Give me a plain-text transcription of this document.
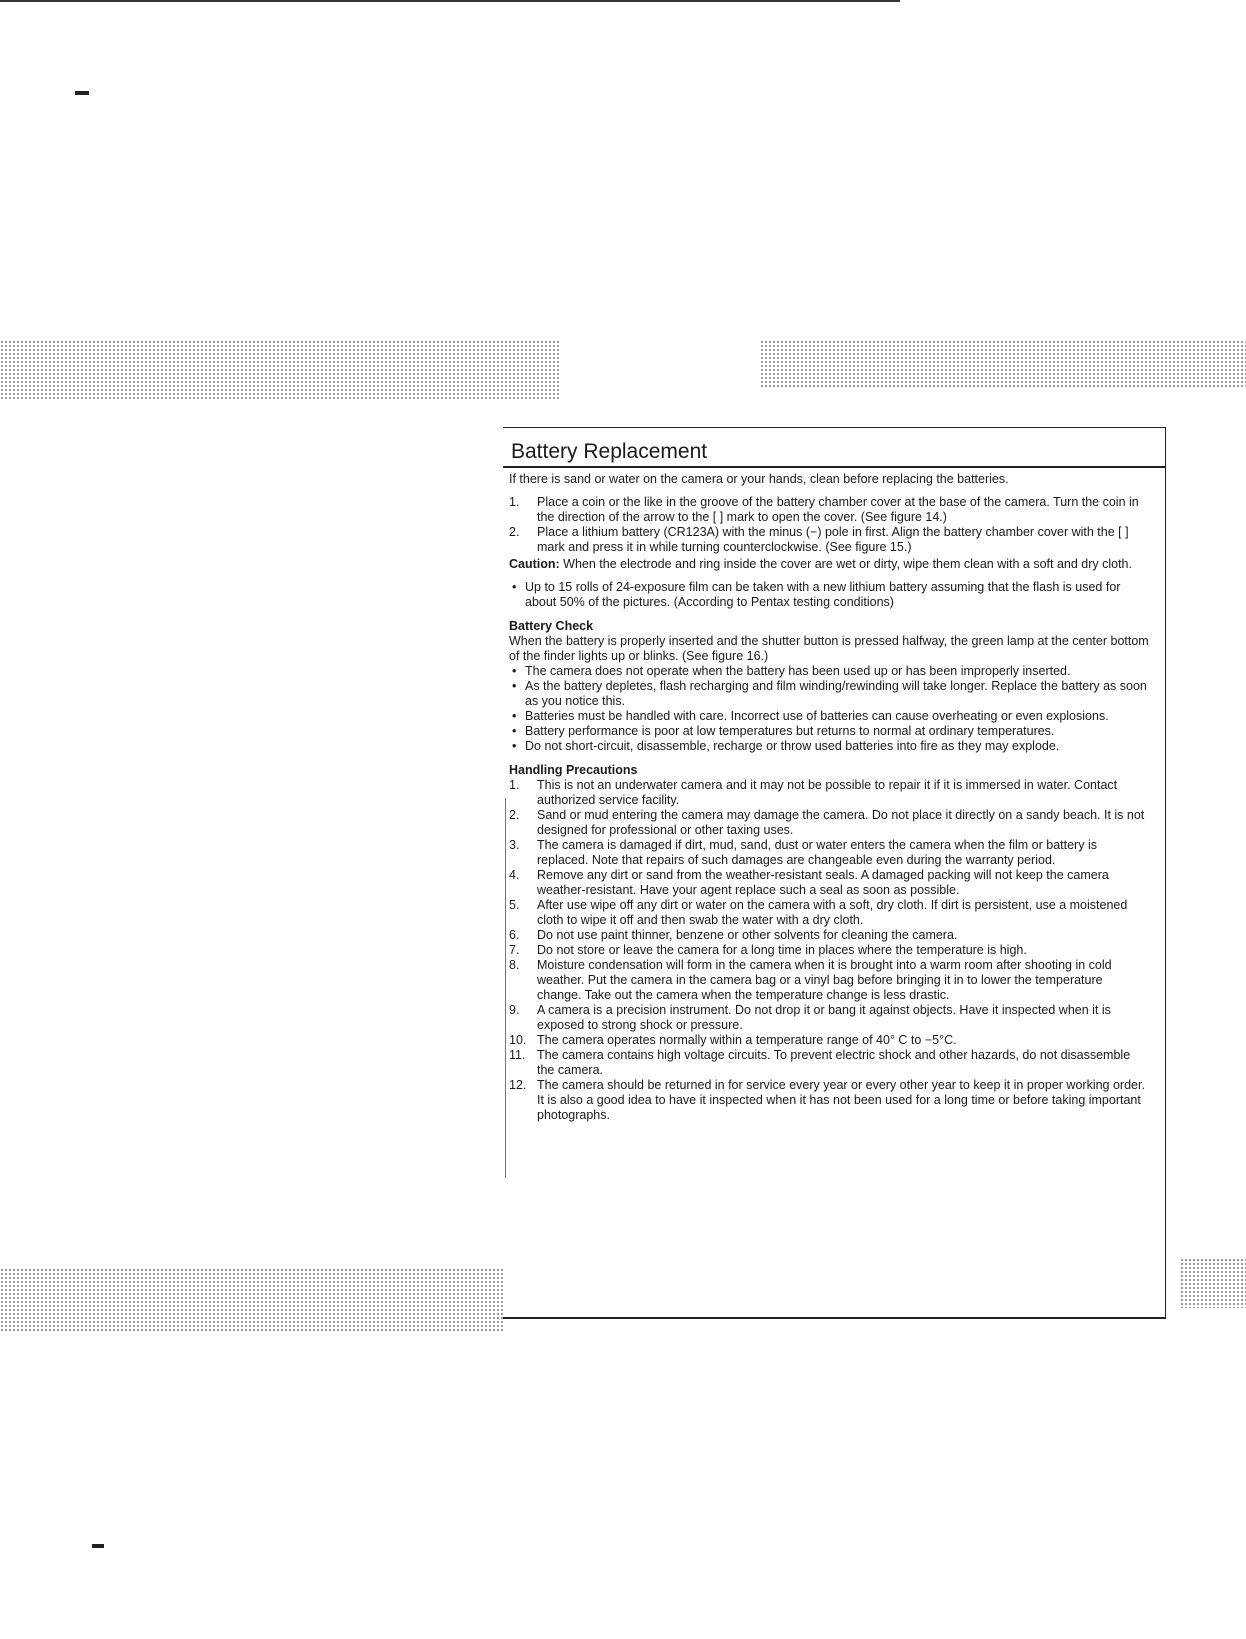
Battery Replacement

If there is sand or water on the camera or your hands, clean before replacing the batteries.

1.	Place a coin or the like in the groove of the battery chamber cover at the base of the camera. Turn the coin in the direction of the arrow to the [ ] mark to open the cover. (See figure 14.)
2.	Place a lithium battery (CR123A) with the minus (−) pole in first. Align the battery chamber cover with the [ ] mark and press it in while turning counterclockwise. (See figure 15.)

Caution: When the electrode and ring inside the cover are wet or dirty, wipe them clean with a soft and dry cloth.

• Up to 15 rolls of 24-exposure film can be taken with a new lithium battery assuming that the flash is used for about 50% of the pictures. (According to Pentax testing conditions)
Battery Check
When the battery is properly inserted and the shutter button is pressed halfway, the green lamp at the center bottom of the finder lights up or blinks. (See figure 16.)
• The camera does not operate when the battery has been used up or has been improperly inserted.
• As the battery depletes, flash recharging and film winding/rewinding will take longer. Replace the battery as soon as you notice this.
• Batteries must be handled with care. Incorrect use of batteries can cause overheating or even explosions.
• Battery performance is poor at low temperatures but returns to normal at ordinary temperatures.
• Do not short-circuit, disassemble, recharge or throw used batteries into fire as they may explode.
Handling Precautions
1.	This is not an underwater camera and it may not be possible to repair it if it is immersed in water. Contact authorized service facility.
2.	Sand or mud entering the camera may damage the camera. Do not place it directly on a sandy beach. It is not designed for professional or other taxing uses.
3.	The camera is damaged if dirt, mud, sand, dust or water enters the camera when the film or battery is replaced. Note that repairs of such damages are changeable even during the warranty period.
4.	Remove any dirt or sand from the weather-resistant seals. A damaged packing will not keep the camera weather-resistant. Have your agent replace such a seal as soon as possible.
5.	After use wipe off any dirt or water on the camera with a soft, dry cloth. If dirt is persistent, use a moistened cloth to wipe it off and then swab the water with a dry cloth.
6.	Do not use paint thinner, benzene or other solvents for cleaning the camera.
7.	Do not store or leave the camera for a long time in places where the temperature is high.
8.	Moisture condensation will form in the camera when it is brought into a warm room after shooting in cold weather. Put the camera in the camera bag or a vinyl bag before bringing it in to lower the temperature change. Take out the camera when the temperature change is less drastic.
9.	A camera is a precision instrument. Do not drop it or bang it against objects. Have it inspected when it is exposed to strong shock or pressure.
10. The camera operates normally within a temperature range of 40° C to −5°C.
11. The camera contains high voltage circuits. To prevent electric shock and other hazards, do not disassemble the camera.
12. The camera should be returned in for service every year or every other year to keep it in proper working order. It is also a good idea to have it inspected when it has not been used for a long time or before taking important photographs.
